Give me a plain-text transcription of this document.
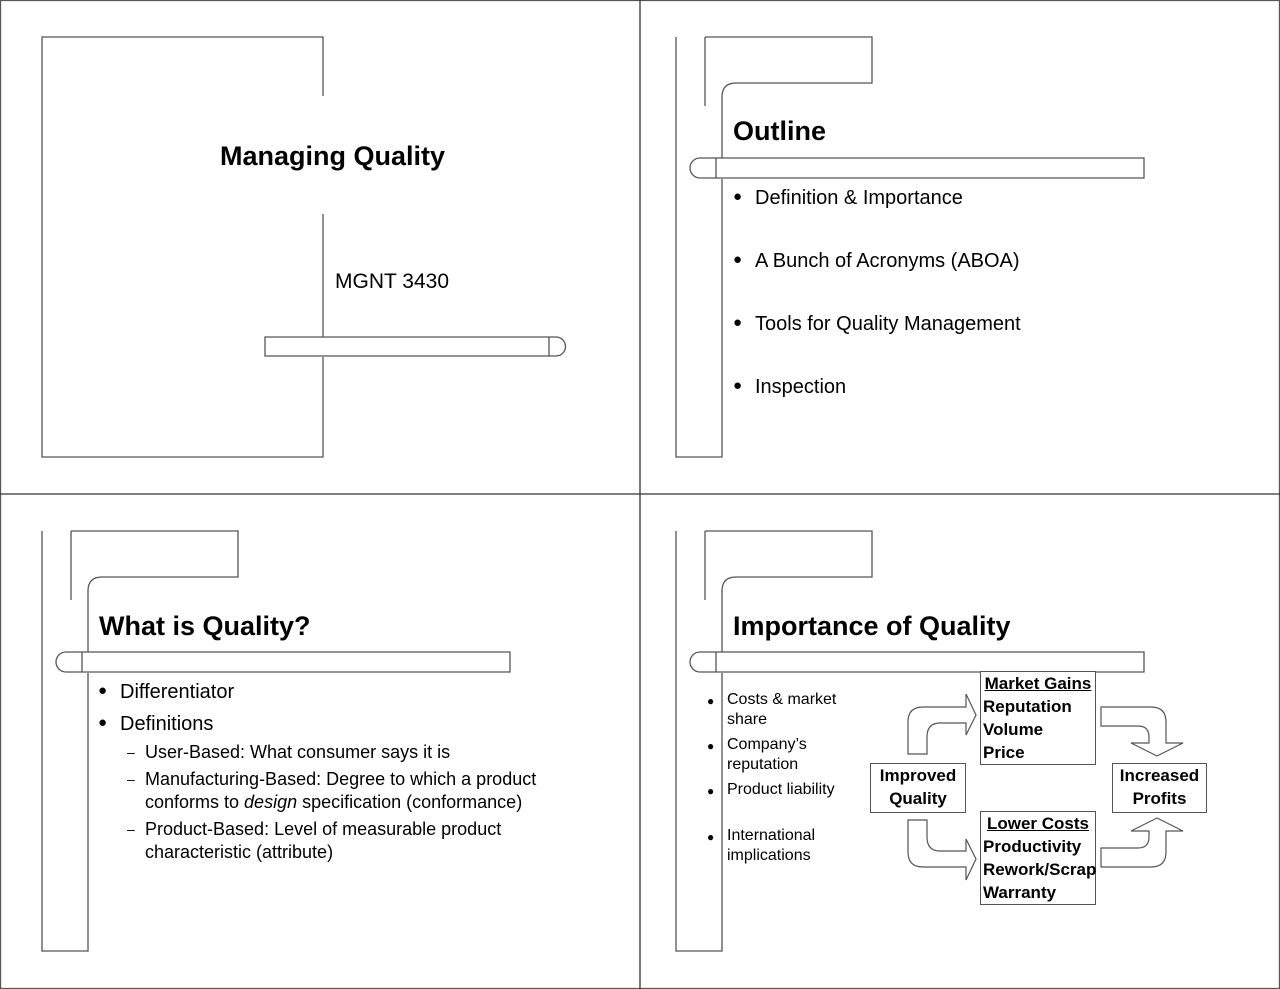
Managing Quality
MGNT 3430
Outline
● Definition & Importance
● A Bunch of Acronyms (ABOA)
● Tools for Quality Management
● Inspection
What is Quality?
● Differentiator
● Definitions
– User-Based: What consumer says it is
– Manufacturing-Based: Degree to which a product conforms to design specification (conformance)
– Product-Based: Level of measurable product characteristic (attribute)
Importance of Quality
● Costs & market share
● Company’s reputation
● Product liability
● International implications
Market Gains
Reputation
Volume
Price
Improved Quality
Lower Costs
Productivity
Rework/Scrap
Warranty
Increased Profits
